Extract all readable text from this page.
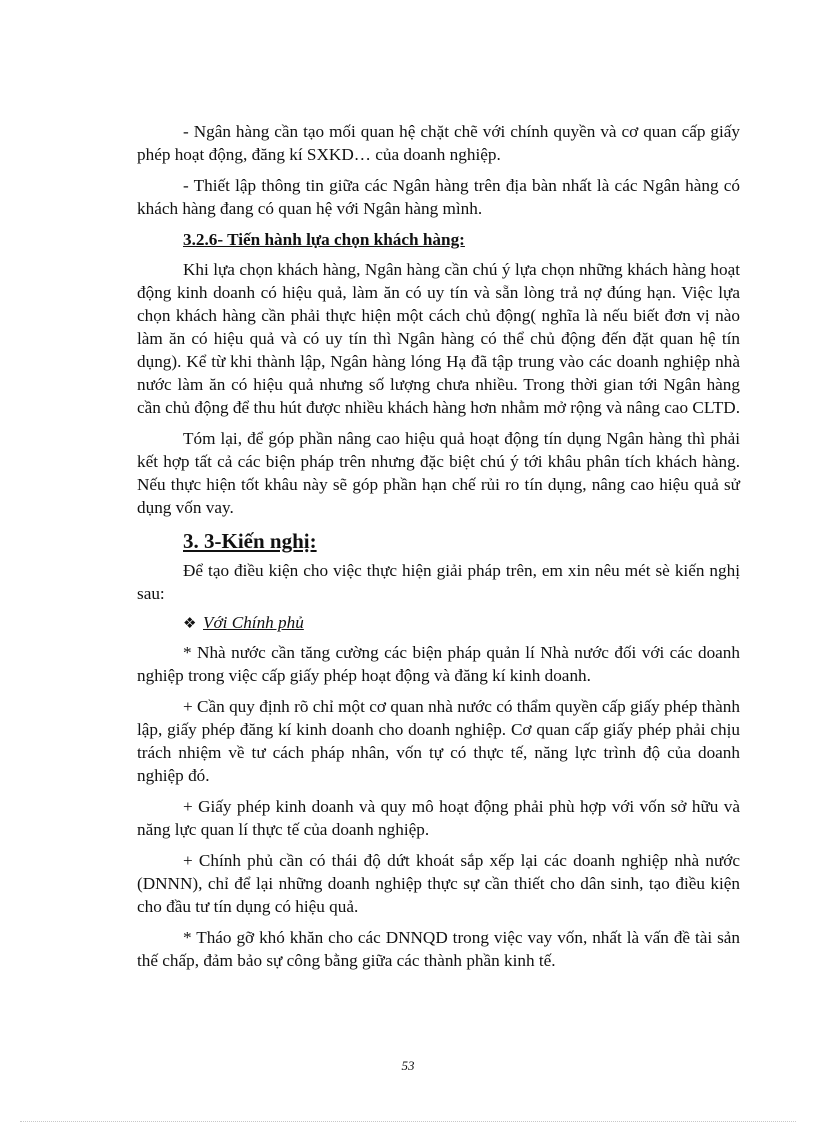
- Ngân hàng cần tạo mối quan hệ chặt chẽ với chính quyền và cơ quan cấp giấy phép hoạt động, đăng kí SXKD… của doanh nghiệp.

- Thiết lập thông tin giữa các Ngân hàng trên địa bàn nhất là các Ngân hàng có khách hàng đang có quan hệ với Ngân hàng mình.

3.2.6- Tiến hành lựa chọn khách hàng:

Khi lựa chọn khách hàng, Ngân hàng cần chú ý lựa chọn những khách hàng hoạt động kinh doanh có hiệu quả, làm ăn có uy tín và sẵn lòng trả nợ đúng hạn. Việc lựa chọn khách hàng cần phải thực hiện một cách chủ động( nghĩa là nếu biết đơn vị nào làm ăn có hiệu quả và có uy tín thì Ngân hàng có thể chủ động đến đặt quan hệ tín dụng). Kể từ khi thành lập, Ngân hàng lóng Hạ đã tập trung vào các doanh nghiệp nhà nước làm ăn có hiệu quả nhưng số lượng chưa nhiều. Trong thời gian tới Ngân hàng cần chủ động để thu hút được nhiều khách hàng hơn nhằm mở rộng và nâng cao CLTD.

Tóm lại, để góp phần nâng cao hiệu quả hoạt động tín dụng Ngân hàng thì phải kết hợp tất cả các biện pháp trên nhưng đặc biệt chú ý tới khâu phân tích khách hàng. Nếu thực hiện tốt khâu này sẽ góp phần hạn chế rủi ro tín dụng, nâng cao hiệu quả sử dụng vốn vay.

3. 3-Kiến nghị:

Để tạo điều kiện cho việc thực hiện giải pháp trên, em xin nêu mét sè kiến nghị sau:

❖ Với Chính phủ

* Nhà nước cần tăng cường các biện pháp quản lí Nhà nước đối với các doanh nghiệp trong việc cấp giấy phép hoạt động và đăng kí kinh doanh.

+ Cần quy định rõ chỉ một cơ quan nhà nước có thẩm quyền cấp giấy phép thành lập, giấy phép đăng kí kinh doanh cho doanh nghiệp. Cơ quan cấp giấy phép phải chịu trách nhiệm về tư cách pháp nhân, vốn tự có thực tế, năng lực trình độ của doanh nghiệp đó.

+ Giấy phép kinh doanh và quy mô hoạt động phải phù hợp với vốn sở hữu và năng lực quan lí thực tế của doanh nghiệp.

+ Chính phủ cần có thái độ dứt khoát sắp xếp lại các doanh nghiệp nhà nước (DNNN), chỉ để lại những doanh nghiệp thực sự cần thiết cho dân sinh, tạo điều kiện cho đầu tư tín dụng có hiệu quả.

* Tháo gỡ khó khăn cho các DNNQD trong việc vay vốn, nhất là vấn đề tài sản thế chấp, đảm bảo sự công bằng giữa các thành phần kinh tế.

53
